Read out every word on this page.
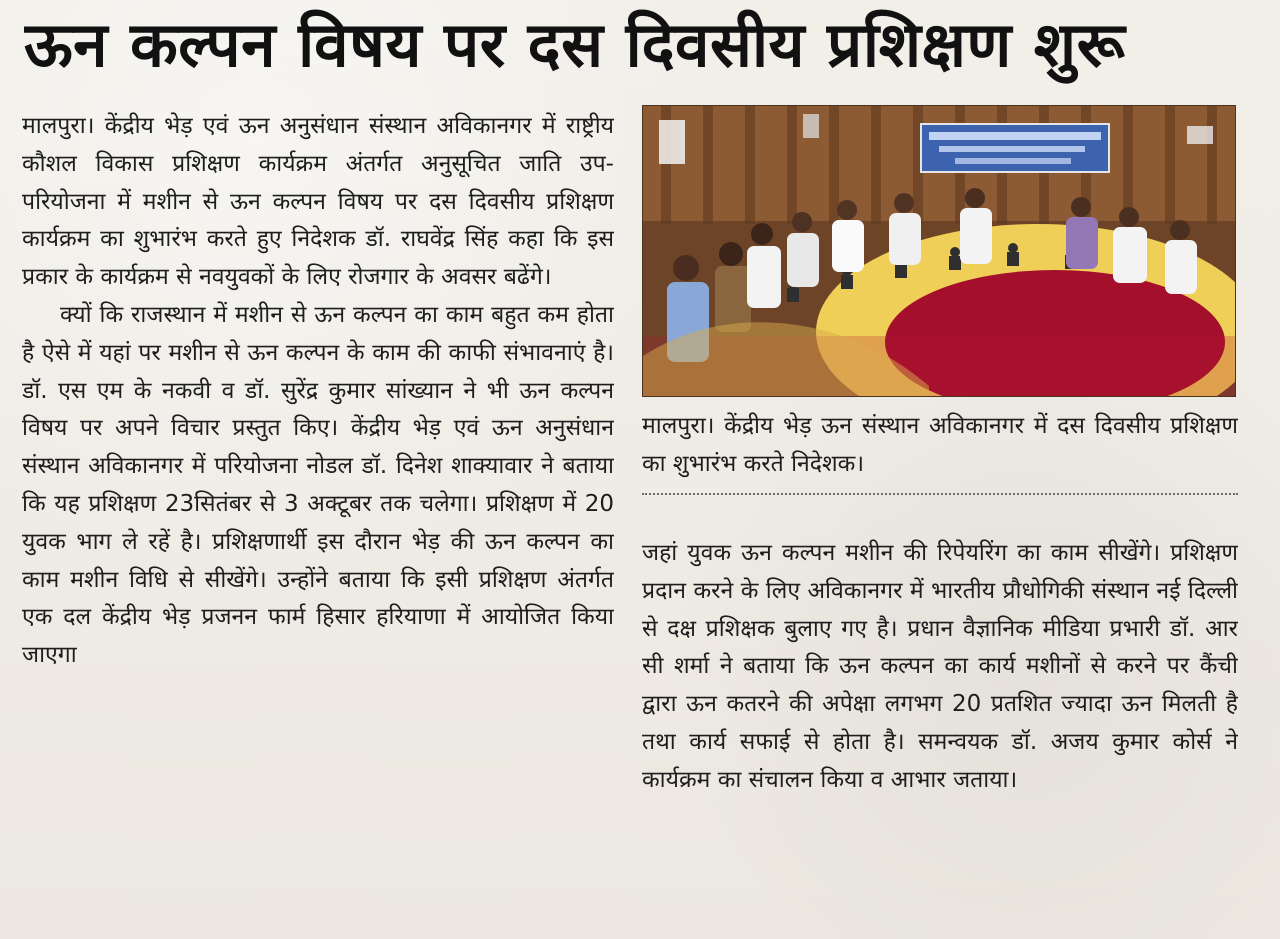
ऊन कल्पन विषय पर दस दिवसीय प्रशिक्षण शुरू

मालपुरा। केंद्रीय भेड़ एवं ऊन अनुसंधान संस्थान अविकानगर में राष्ट्रीय कौशल विकास प्रशिक्षण कार्यक्रम अंतर्गत अनुसूचित जाति उप-परियोजना में मशीन से ऊन कल्पन विषय पर दस दिवसीय प्रशिक्षण कार्यक्रम का शुभारंभ करते हुए निदेशक डॉ. राघवेंद्र सिंह कहा कि इस प्रकार के कार्यक्रम से नवयुवकों के लिए रोजगार के अवसर बढेंगे।

क्यों कि राजस्थान में मशीन से ऊन कल्पन का काम बहुत कम होता है ऐसे में यहां पर मशीन से ऊन कल्पन के काम की काफी संभावनाएं है। डॉ. एस एम के नकवी व डॉ. सुरेंद्र कुमार सांख्यान ने भी ऊन कल्पन विषय पर अपने विचार प्रस्तुत किए। केंद्रीय भेड़ एवं ऊन अनुसंधान संस्थान अविकानगर में परियोजना नोडल डॉ. दिनेश शाक्यावार ने बताया कि यह प्रशिक्षण 23सितंबर से 3 अक्टूबर तक चलेगा। प्रशिक्षण में 20 युवक भाग ले रहें है। प्रशिक्षणार्थी इस दौरान भेड़ की ऊन कल्पन का काम मशीन विधि से सीखेंगे। उन्होंने बताया कि इसी प्रशिक्षण अंतर्गत एक दल केंद्रीय भेड़ प्रजनन फार्म हिसार हरियाणा में आयोजित किया जाएगा

मालपुरा। केंद्रीय भेड़ ऊन संस्थान अविकानगर में दस दिवसीय प्रशिक्षण का शुभारंभ करते निदेशक।

जहां युवक ऊन कल्पन मशीन की रिपेयरिंग का काम सीखेंगे। प्रशिक्षण प्रदान करने के लिए अविकानगर में भारतीय प्रौधोगिकी संस्थान नई दिल्ली से दक्ष प्रशिक्षक बुलाए गए है। प्रधान वैज्ञानिक मीडिया प्रभारी डॉ. आर सी शर्मा ने बताया कि ऊन कल्पन का कार्य मशीनों से करने पर कैंची द्वारा ऊन कतरने की अपेक्षा लगभग 20 प्रतशित ज्यादा ऊन मिलती है तथा कार्य सफाई से होता है। समन्वयक डॉ. अजय कुमार कोर्स ने कार्यक्रम का संचालन किया व आभार जताया।
